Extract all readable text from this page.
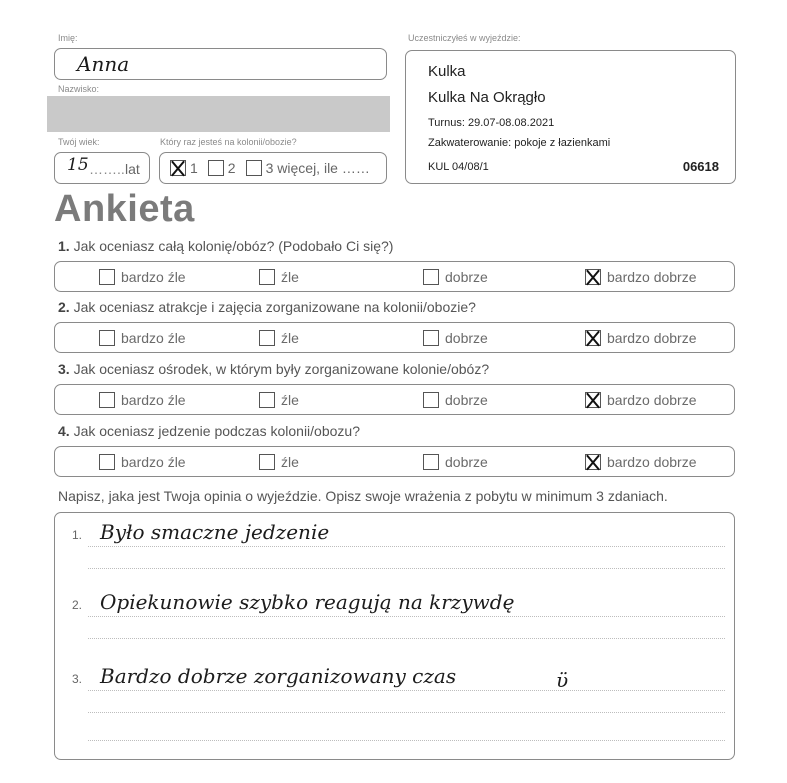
Imię:
Anna
Nazwisko:
Twój wiek:
15 …….. lat
Który raz jesteś na kolonii/obozie?
1 2 3 więcej, ile ……
Uczestniczyłeś w wyjeździe:
Kulka
Kulka Na Okrągło
Turnus: 29.07-08.08.2021
Zakwaterowanie: pokoje z łazienkami
KUL 04/08/1	06618
Ankieta
1. Jak oceniasz całą kolonię/obóz? (Podobało Ci się?)
bardzo źle	źle	dobrze	bardzo dobrze
2. Jak oceniasz atrakcje i zajęcia zorganizowane na kolonii/obozie?
bardzo źle	źle	dobrze	bardzo dobrze
3. Jak oceniasz ośrodek, w którym były zorganizowane kolonie/obóz?
bardzo źle	źle	dobrze	bardzo dobrze
4. Jak oceniasz jedzenie podczas kolonii/obozu?
bardzo źle	źle	dobrze	bardzo dobrze
Napisz, jaka jest Twoja opinia o wyjeździe. Opisz swoje wrażenia z pobytu w minimum 3 zdaniach.
1. Było smaczne jedzenie
2. Opiekunowie szybko reagują na krzywdę
3. Bardzo dobrze zorganizowany czas	ϋ
